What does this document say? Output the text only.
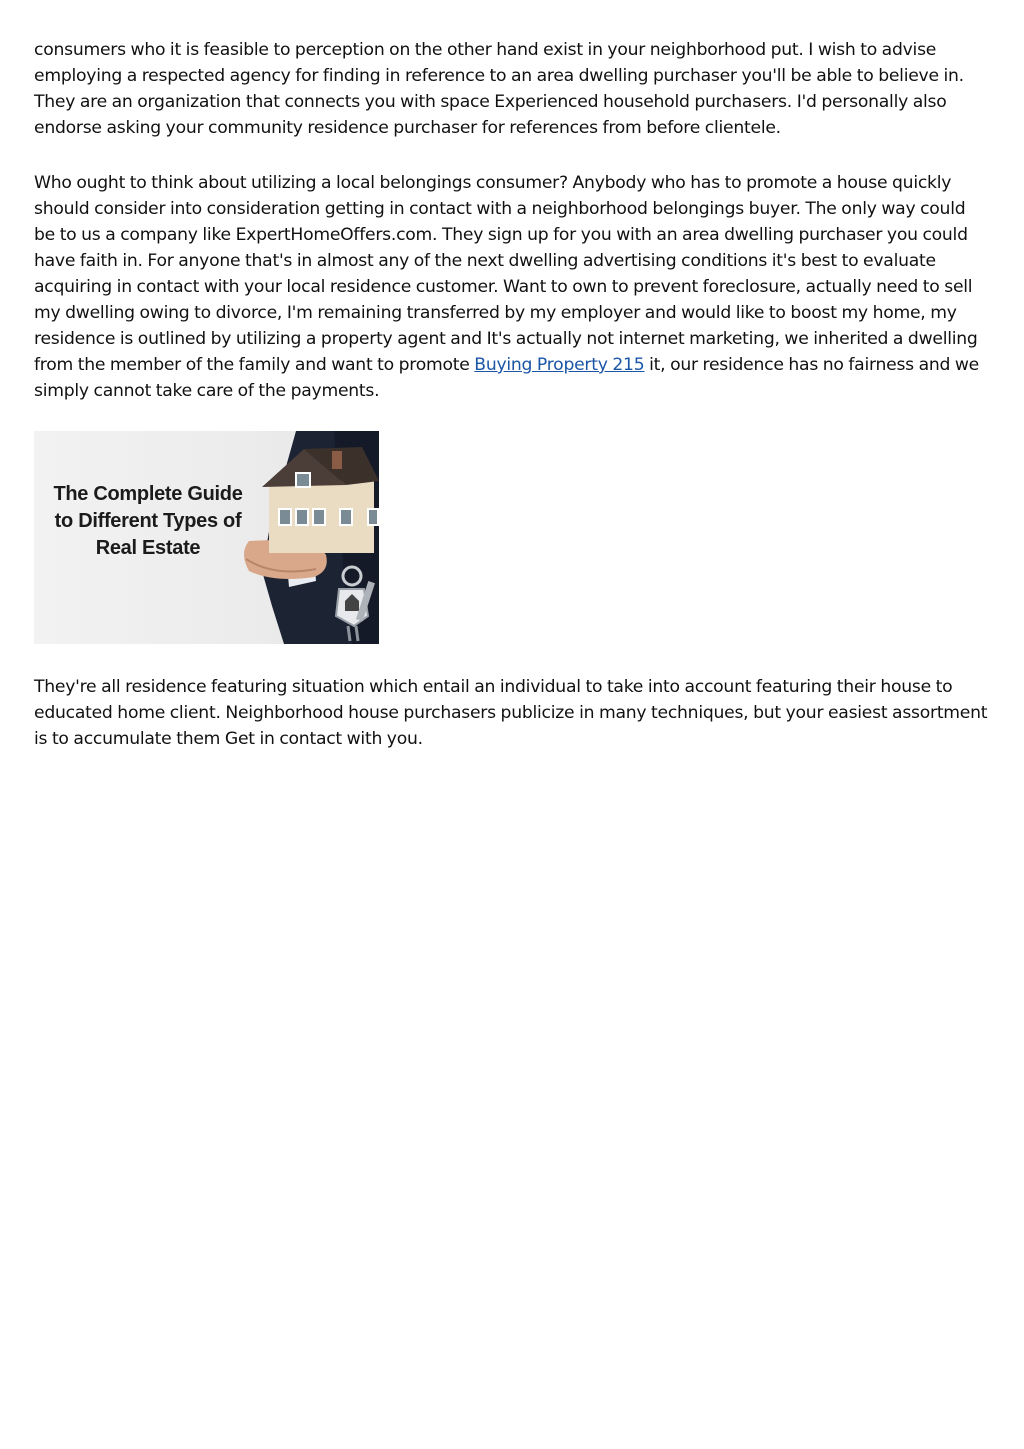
consumers who it is feasible to perception on the other hand exist in your neighborhood put. I wish to advise employing a respected agency for finding in reference to an area dwelling purchaser you'll be able to believe in. They are an organization that connects you with space Experienced household purchasers. I'd personally also endorse asking your community residence purchaser for references from before clientele.

Who ought to think about utilizing a local belongings consumer? Anybody who has to promote a house quickly should consider into consideration getting in contact with a neighborhood belongings buyer. The only way could be to us a company like ExpertHomeOffers.com. They sign up for you with an area dwelling purchaser you could have faith in. For anyone that's in almost any of the next dwelling advertising conditions it's best to evaluate acquiring in contact with your local residence customer. Want to own to prevent foreclosure, actually need to sell my dwelling owing to divorce, I'm remaining transferred by my employer and would like to boost my home, my residence is outlined by utilizing a property agent and It's actually not internet marketing, we inherited a dwelling from the member of the family and want to promote Buying Property 215 it, our residence has no fairness and we simply cannot take care of the payments.

The Complete Guide
to Different Types of
Real Estate

They're all residence featuring situation which entail an individual to take into account featuring their house to educated home client. Neighborhood house purchasers publicize in many techniques, but your easiest assortment is to accumulate them Get in contact with you.
